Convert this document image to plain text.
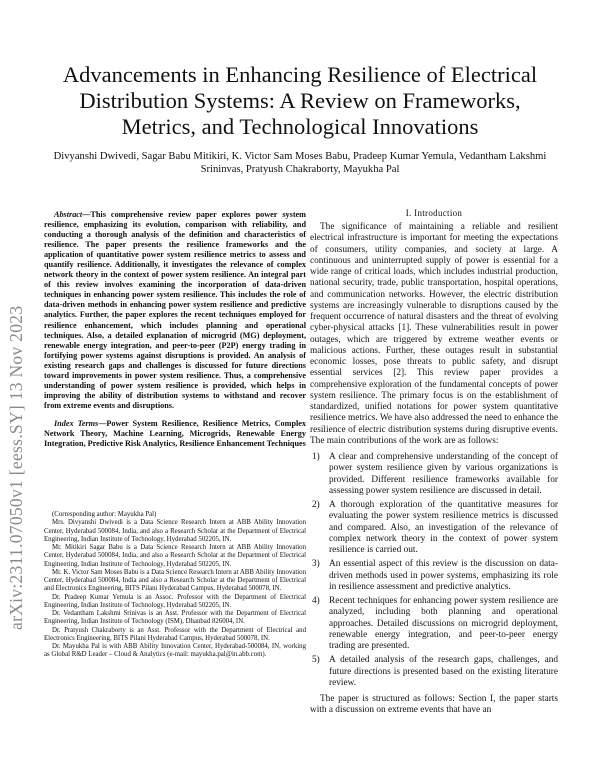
arXiv:2311.07050v1 [eess.SY] 13 Nov 2023
Advancements in Enhancing Resilience of Electrical Distribution Systems: A Review on Frameworks, Metrics, and Technological Innovations
Divyanshi Dwivedi, Sagar Babu Mitikiri, K. Victor Sam Moses Babu, Pradeep Kumar Yemula, Vedantham Lakshmi Srininvas, Pratyush Chakraborty, Mayukha Pal

Abstract—This comprehensive review paper explores power system resilience, emphasizing its evolution, comparison with reliability, and conducting a thorough analysis of the definition and characteristics of resilience. The paper presents the resilience frameworks and the application of quantitative power system resilience metrics to assess and quantify resilience. Additionally, it investigates the relevance of complex network theory in the context of power system resilience. An integral part of this review involves examining the incorporation of data-driven techniques in enhancing power system resilience. This includes the role of data-driven methods in enhancing power system resilience and predictive analytics. Further, the paper explores the recent techniques employed for resilience enhancement, which includes planning and operational techniques. Also, a detailed explanation of microgrid (MG) deployment, renewable energy integration, and peer-to-peer (P2P) energy trading in fortifying power systems against disruptions is provided. An analysis of existing research gaps and challenges is discussed for future directions toward improvements in power system resilience. Thus, a comprehensive understanding of power system resilience is provided, which helps in improving the ability of distribution systems to withstand and recover from extreme events and disruptions.

Index Terms—Power System Resilience, Resilience Metrics, Complex Network Theory, Machine Learning, Microgrids, Renewable Energy Integration, Predictive Risk Analytics, Resilience Enhancement Techniques

(Corresponding author: Mayukha Pal)

Mrs. Divyanshi Dwivedi is a Data Science Research Intern at ABB Ability Innovation Center, Hyderabad 500084, India, and also a Research Scholar at the Department of Electrical Engineering, Indian Institute of Technology, Hyderabad 502205, IN.

Mr. Mitikiri Sagar Babu is a Data Science Research Intern at ABB Ability Innovation Center, Hyderabad 500084, India, and also a Research Scholar at the Department of Electrical Engineering, Indian Institute of Technology, Hyderabad 502205, IN.

Mr. K. Victor Sam Moses Babu is a Data Science Research Intern at ABB Ability Innovation Center, Hyderabad 500084, India and also a Research Scholar at the Department of Electrical and Electronics Engineering, BITS Pilani Hyderabad Campus, Hyderabad 500078, IN.

Dr. Pradeep Kumar Yemula is an Assoc. Professor with the Department of Electrical Engineering, Indian Institute of Technology, Hyderabad 502205, IN.

Dr. Vedantham Lakshmi Srinivas is an Asst. Professor with the Department of Electrical Engineering, Indian Institute of Technology (ISM), Dhanbad 826004, IN.

Dr. Pratyush Chakraborty is an Asst. Professor with the Department of Electrical and Electronics Engineering, BITS Pilani Hyderabad Campus, Hyderabad 500078, IN.

Dr. Mayukha Pal is with ABB Ability Innovation Center, Hyderabad-500084, IN, working as Global R&D Leader – Cloud & Analytics (e-mail: mayukha.pal@in.abb.com).

I. Introduction

The significance of maintaining a reliable and resilient electrical infrastructure is important for meeting the expectations of consumers, utility companies, and society at large. A continuous and uninterrupted supply of power is essential for a wide range of critical loads, which includes industrial production, national security, trade, public transportation, hospital operations, and communication networks. However, the electric distribution systems are increasingly vulnerable to disruptions caused by the frequent occurrence of natural disasters and the threat of evolving cyber-physical attacks [1]. These vulnerabilities result in power outages, which are triggered by extreme weather events or malicious actions. Further, these outages result in substantial economic losses, pose threats to public safety, and disrupt essential services [2]. This review paper provides a comprehensive exploration of the fundamental concepts of power system resilience. The primary focus is on the establishment of standardized, unified notations for power system quantitative resilience metrics. We have also addressed the need to enhance the resilience of electric distribution systems during disruptive events. The main contributions of the work are as follows:

1) A clear and comprehensive understanding of the concept of power system resilience given by various organizations is provided. Different resilience frameworks available for assessing power system resilience are discussed in detail.
2) A thorough exploration of the quantitative measures for evaluating the power system resilience metrics is discussed and compared. Also, an investigation of the relevance of complex network theory in the context of power system resilience is carried out.
3) An essential aspect of this review is the discussion on data-driven methods used in power systems, emphasizing its role in resilience assessment and predictive analytics.
4) Recent techniques for enhancing power system resilience are analyzed, including both planning and operational approaches. Detailed discussions on microgrid deployment, renewable energy integration, and peer-to-peer energy trading are presented.
5) A detailed analysis of the research gaps, challenges, and future directions is presented based on the existing literature review.

The paper is structured as follows: Section I, the paper starts with a discussion on extreme events that have an
